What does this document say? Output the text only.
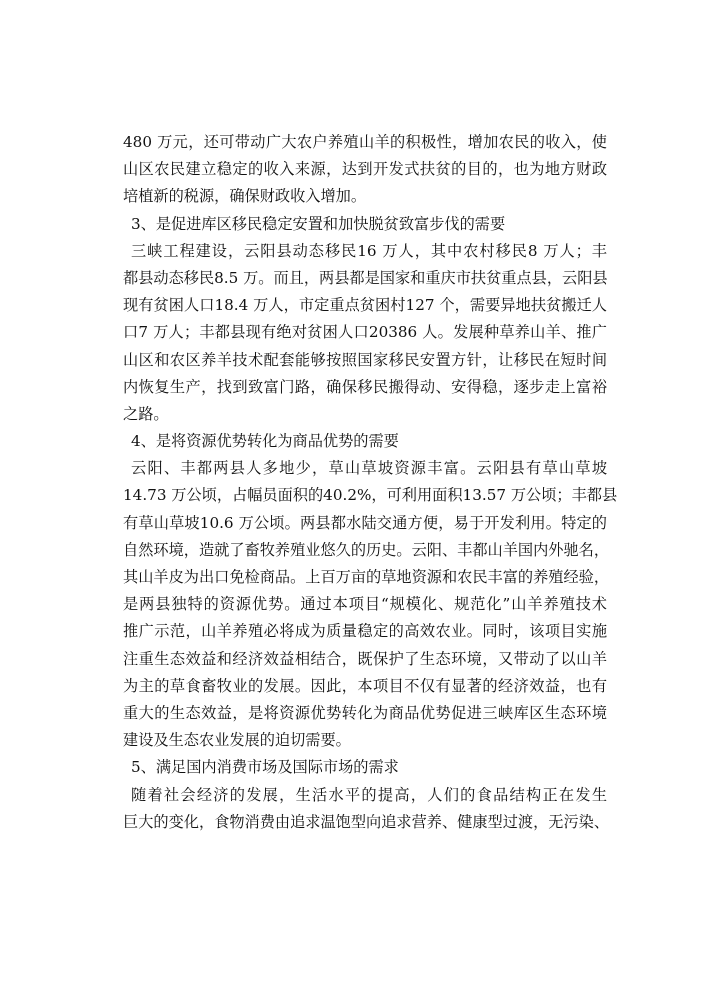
480 万元，还可带动广大农户养殖山羊的积极性，增加农民的收入，使
山区农民建立稳定的收入来源，达到开发式扶贫的目的，也为地方财政
培植新的税源，确保财政收入增加。
3、是促进库区移民稳定安置和加快脱贫致富步伐的需要
三峡工程建设，云阳县动态移民16 万人，其中农村移民8 万人；丰
都县动态移民8.5 万。而且，两县都是国家和重庆市扶贫重点县，云阳县
现有贫困人口18.4 万人，市定重点贫困村127 个，需要异地扶贫搬迁人
口7 万人；丰都县现有绝对贫困人口20386 人。发展种草养山羊、推广
山区和农区养羊技术配套能够按照国家移民安置方针，让移民在短时间
内恢复生产，找到致富门路，确保移民搬得动、安得稳，逐步走上富裕
之路。
4、是将资源优势转化为商品优势的需要
云阳、丰都两县人多地少，草山草坡资源丰富。云阳县有草山草坡
14.73 万公顷，占幅员面积的40.2%，可利用面积13.57 万公顷；丰都县
有草山草坡10.6 万公顷。两县都水陆交通方便，易于开发利用。特定的
自然环境，造就了畜牧养殖业悠久的历史。云阳、丰都山羊国内外驰名，
其山羊皮为出口免检商品。上百万亩的草地资源和农民丰富的养殖经验，
是两县独特的资源优势。通过本项目“规模化、规范化”山羊养殖技术
推广示范，山羊养殖必将成为质量稳定的高效农业。同时，该项目实施
注重生态效益和经济效益相结合，既保护了生态环境，又带动了以山羊
为主的草食畜牧业的发展。因此，本项目不仅有显著的经济效益，也有
重大的生态效益，是将资源优势转化为商品优势促进三峡库区生态环境
建设及生态农业发展的迫切需要。
5、满足国内消费市场及国际市场的需求
随着社会经济的发展，生活水平的提高，人们的食品结构正在发生
巨大的变化，食物消费由追求温饱型向追求营养、健康型过渡，无污染、
